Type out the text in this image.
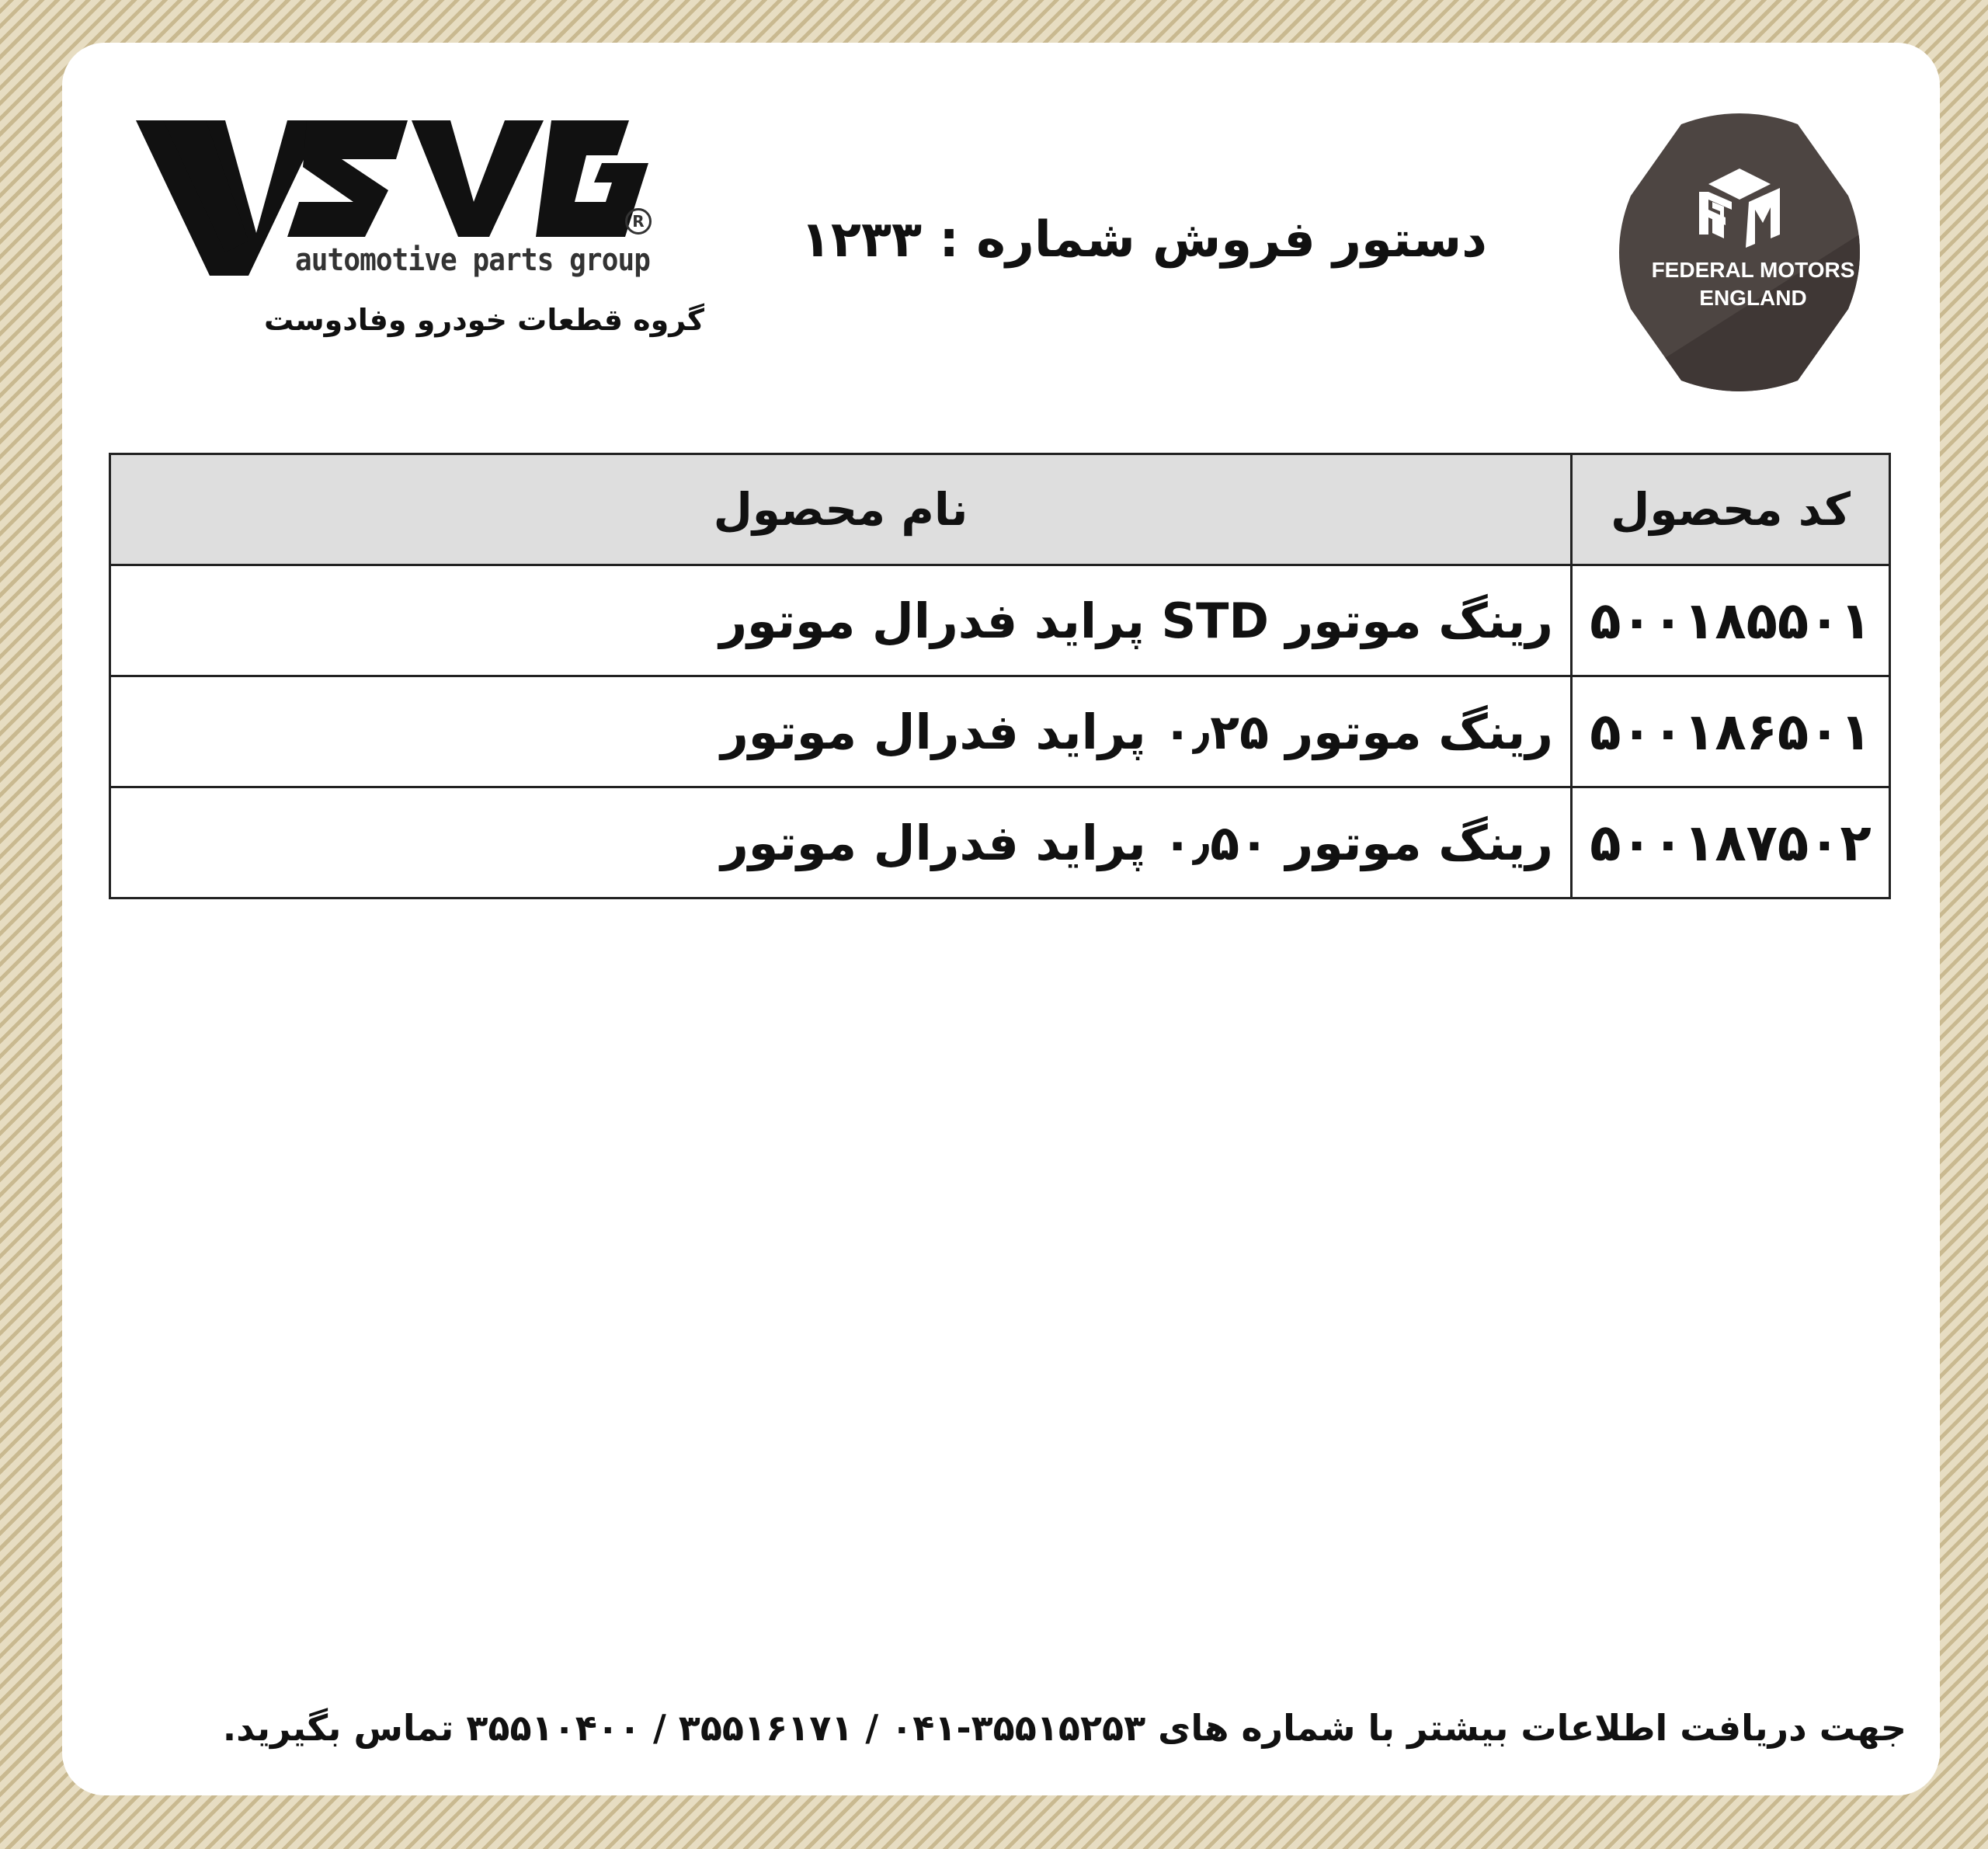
R
automotive parts group
گروه قطعات خودرو وفادوست
دستور فروش شماره : ۱۲۳۳
FEDERAL MOTORS
ENGLAND
کد محصول	نام محصول
۵۰۰۱۸۵۵۰۱	رینگ موتور STD پراید فدرال موتور
۵۰۰۱۸۶۵۰۱	رینگ موتور ۰٫۲۵ پراید فدرال موتور
۵۰۰۱۸۷۵۰۲	رینگ موتور ۰٫۵۰ پراید فدرال موتور
جهت دریافت اطلاعات بیشتر با شماره های ۳۵۵۱۵۲۵۳-۰۴۱ / ۳۵۵۱۶۱۷۱ / ۳۵۵۱۰۴۰۰ تماس بگیرید.
